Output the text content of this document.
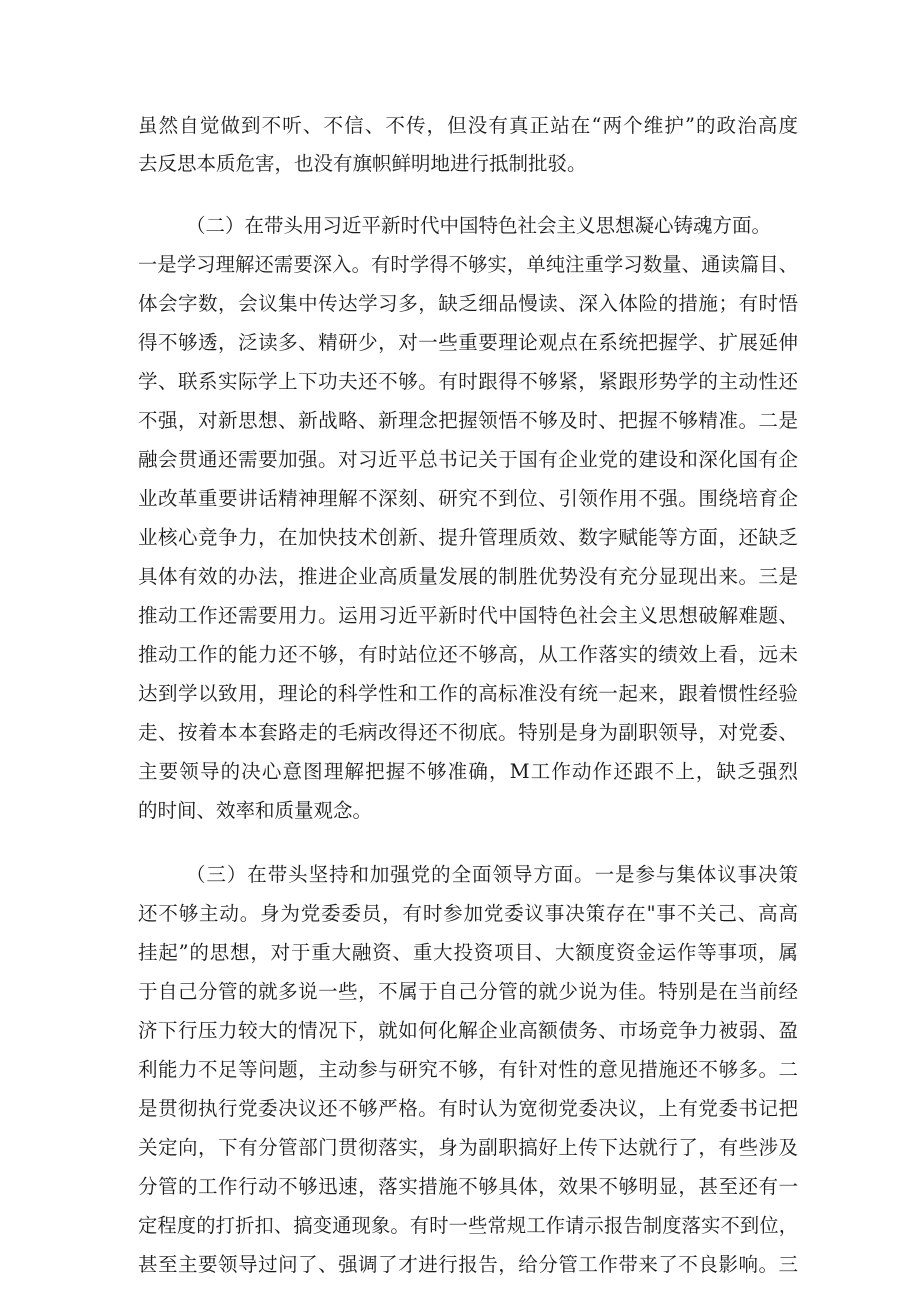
虽然自觉做到不听、不信、不传，但没有真正站在“两个维护”的政治高度
去反思本质危害，也没有旗帜鲜明地进行抵制批驳。
（二）在带头用习近平新时代中国特色社会主义思想凝心铸魂方面。
一是学习理解还需要深入。有时学得不够实，单纯注重学习数量、通读篇目、
体会字数，会议集中传达学习多，缺乏细品慢读、深入体险的措施；有时悟
得不够透，泛读多、精研少，对一些重要理论观点在系统把握学、扩展延伸
学、联系实际学上下功夫还不够。有时跟得不够紧，紧跟形势学的主动性还
不强，对新思想、新战略、新理念把握领悟不够及时、把握不够精准。二是
融会贯通还需要加强。对习近平总书记关于国有企业党的建设和深化国有企
业改革重要讲话精神理解不深刻、研究不到位、引领作用不强。围绕培育企
业核心竞争力，在加快技术创新、提升管理质效、数字赋能等方面，还缺乏
具体有效的办法，推进企业高质量发展的制胜优势没有充分显现出来。三是
推动工作还需要用力。运用习近平新时代中国特色社会主义思想破解难题、
推动工作的能力还不够，有时站位还不够高，从工作落实的绩效上看，远未
达到学以致用，理论的科学性和工作的高标准没有统一起来，跟着惯性经验
走、按着本本套路走的毛病改得还不彻底。特别是身为副职领导，对党委、
主要领导的决心意图理解把握不够准确，M工作动作还跟不上，缺乏强烈
的时间、效率和质量观念。
（三）在带头坚持和加强党的全面领导方面。一是参与集体议事决策
还不够主动。身为党委委员，有时参加党委议事决策存在"事不关己、高高
挂起”的思想，对于重大融资、重大投资项目、大额度资金运作等事项，属
于自己分管的就多说一些，不属于自己分管的就少说为佳。特别是在当前经
济下行压力较大的情况下，就如何化解企业高额债务、市场竞争力被弱、盈
利能力不足等问题，主动参与研究不够，有针对性的意见措施还不够多。二
是贯彻执行党委决议还不够严格。有时认为宽彻党委决议，上有党委书记把
关定向，下有分管部门贯彻落实，身为副职搞好上传下达就行了，有些涉及
分管的工作行动不够迅速，落实措施不够具体，效果不够明显，甚至还有一
定程度的打折扣、搞变通现象。有时一些常规工作请示报告制度落实不到位，
甚至主要领导过问了、强调了才进行报告，给分管工作带来了不良影响。三
